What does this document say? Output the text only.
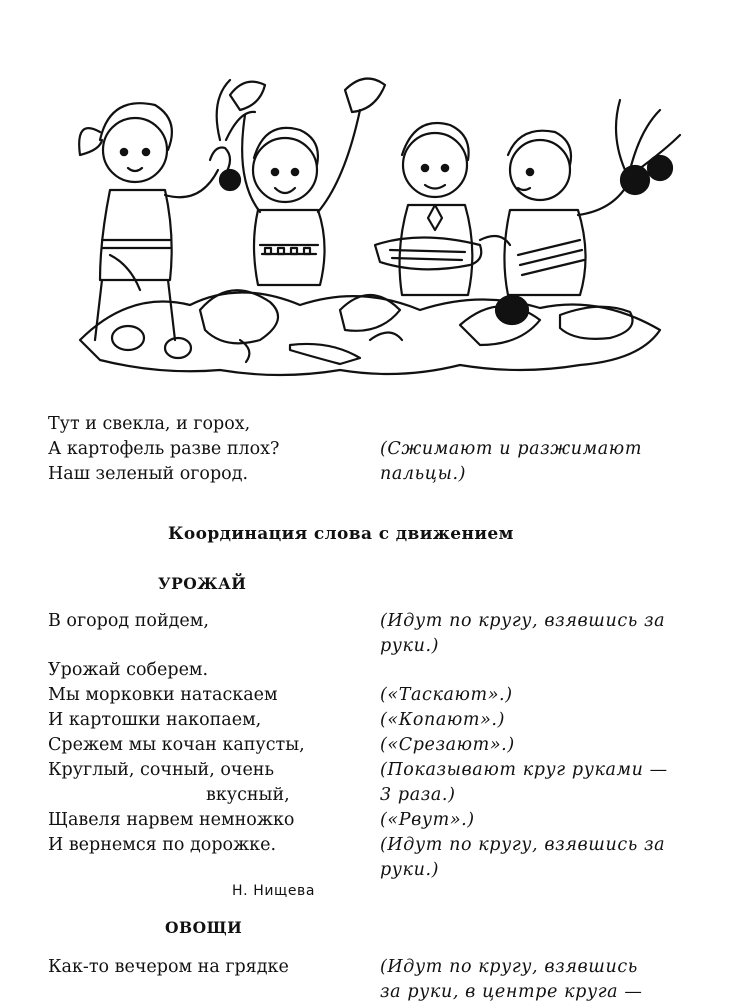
Тут и свекла, и горох,
А картофель разве плох?
Наш зеленый огород.
(Сжимают и разжимают
пальцы.)
Координация слова с движением
УРОЖАЙ
В огород пойдем,
Урожай соберем.
Мы морковки натаскаем
И картошки накопаем,
Срежем мы кочан капусты,
Круглый, сочный, очень
вкусный,
Щавеля нарвем немножко
И вернемся по дорожке.
(Идут по кругу, взявшись за
руки.)
(«Таскают».)
(«Копают».)
(«Срезают».)
(Показывают круг руками —
3 раза.)
(«Рвут».)
(Идут по кругу, взявшись за
руки.)
Н. Нищева
ОВОЩИ
Как-то вечером на грядке	(Идут по кругу, взявшись
за руки, в центре круга —
